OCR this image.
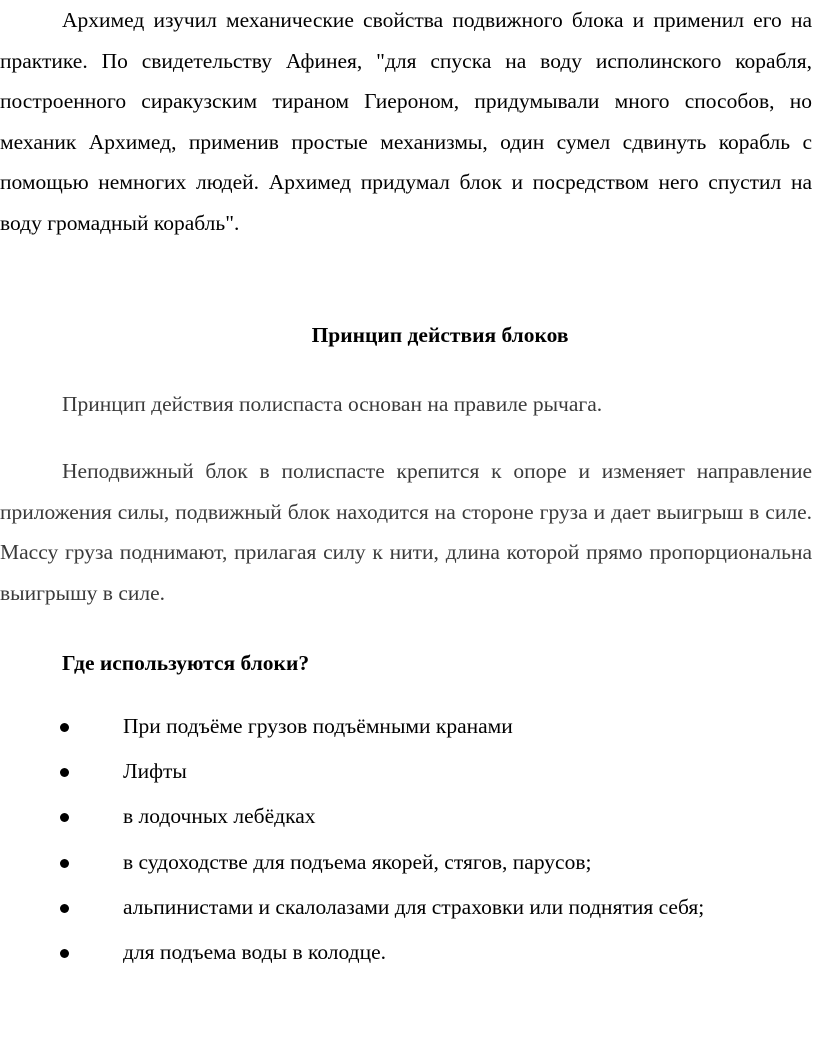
Архимед изучил механические свойства подвижного блока и применил его на практике. По свидетельству Афинея, "для спуска на воду исполинского корабля, построенного сиракузским тираном Гиероном, придумывали много способов, но механик Архимед, применив простые механизмы, один сумел сдвинуть корабль с помощью немногих людей. Архимед придумал блок и посредством него спустил на воду громадный корабль".

Принцип действия блоков

Принцип действия полиспаста основан на правиле рычага.

Неподвижный блок в полиспасте крепится к опоре и изменяет направление приложения силы, подвижный блок находится на стороне груза и дает выигрыш в силе. Массу груза поднимают, прилагая силу к нити, длина которой прямо пропорциональна выигрышу в силе.

Где используются блоки?
При подъёме грузов подъёмными кранами
Лифты
в лодочных лебёдках
в судоходстве для подъема якорей, стягов, парусов;
альпинистами и скалолазами для страховки или поднятия себя;
для подъема воды в колодце.
